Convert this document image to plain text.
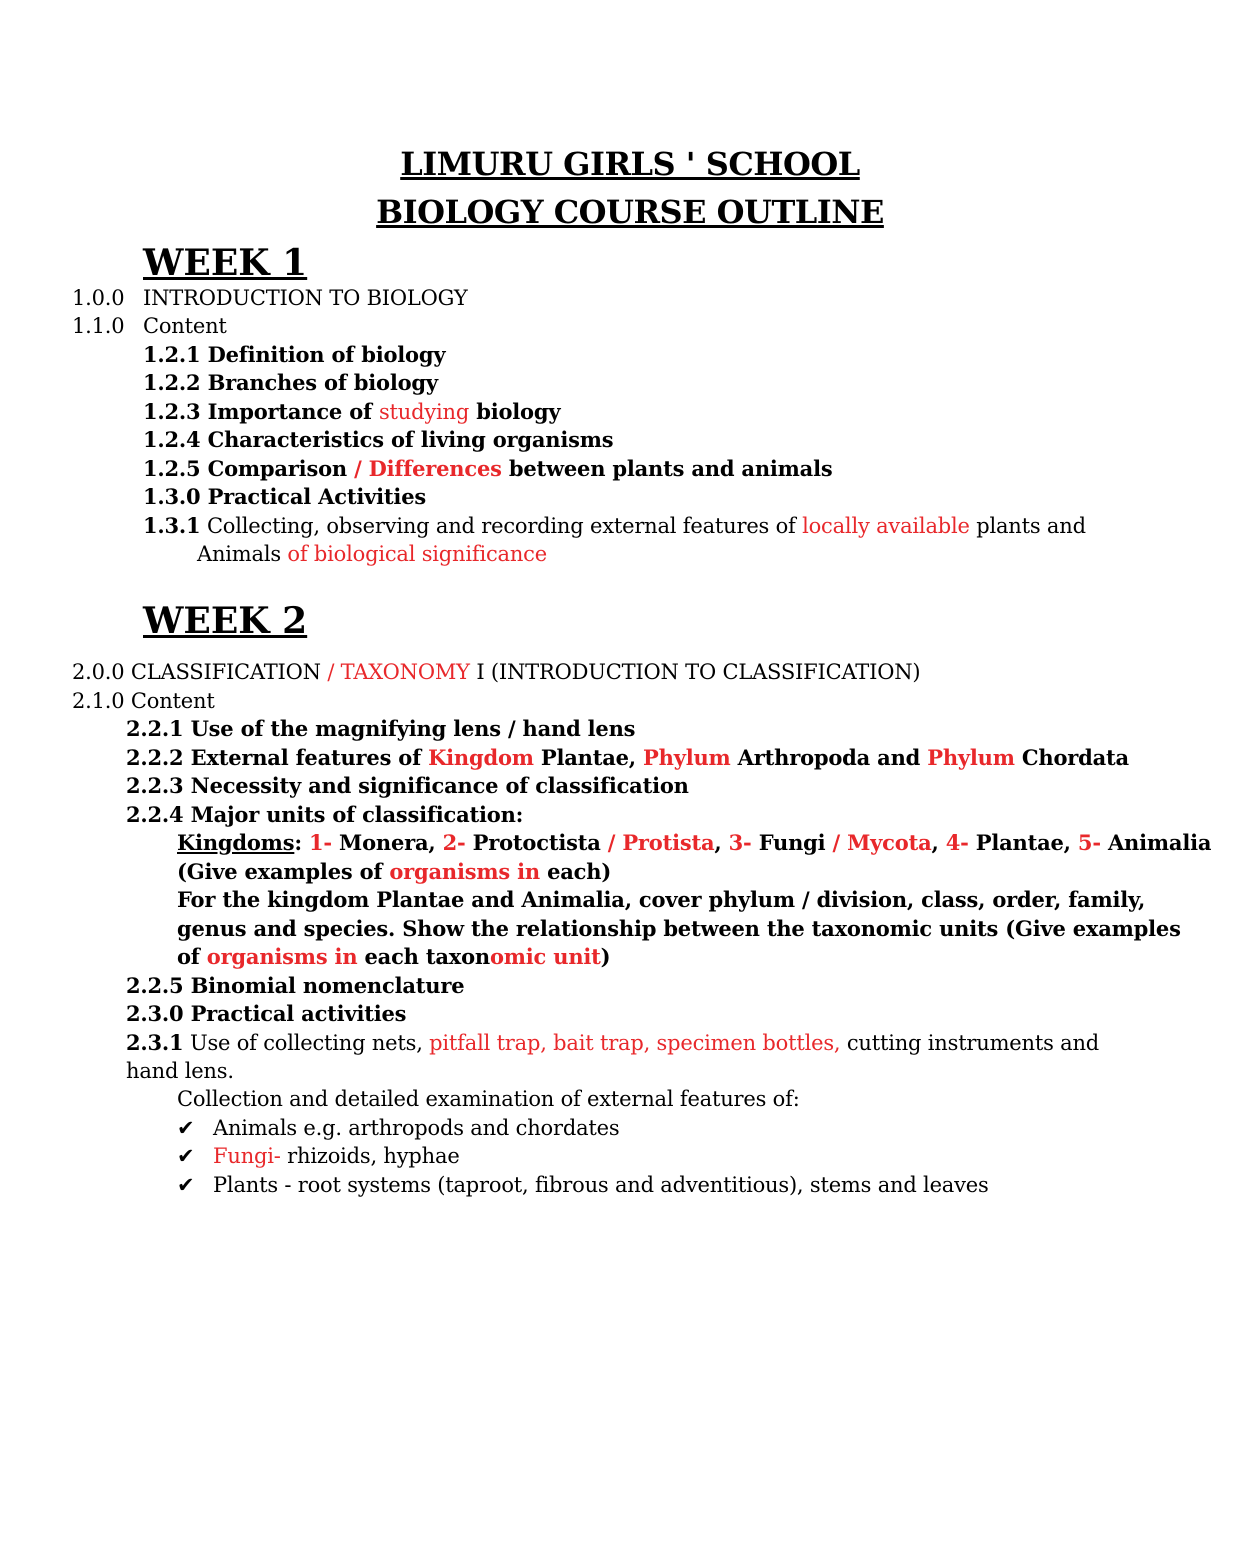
LIMURU GIRLS ' SCHOOL
BIOLOGY COURSE OUTLINE
WEEK 1
1.0.0 INTRODUCTION TO BIOLOGY
1.1.0 Content
1.2.1 Definition of biology
1.2.2 Branches of biology
1.2.3 Importance of studying biology
1.2.4 Characteristics of living organisms
1.2.5 Comparison / Differences between plants and animals
1.3.0 Practical Activities
1.3.1 Collecting, observing and recording external features of locally available plants and
Animals of biological significance
WEEK 2
2.0.0 CLASSIFICATION / TAXONOMY I (INTRODUCTION TO CLASSIFICATION)
2.1.0 Content
2.2.1 Use of the magnifying lens / hand lens
2.2.2 External features of Kingdom Plantae, Phylum Arthropoda and Phylum Chordata
2.2.3 Necessity and significance of classification
2.2.4 Major units of classification:
Kingdoms: 1- Monera, 2- Protoctista / Protista, 3- Fungi / Mycota, 4- Plantae, 5- Animalia
(Give examples of organisms in each)
For the kingdom Plantae and Animalia, cover phylum / division, class, order, family,
genus and species. Show the relationship between the taxonomic units (Give examples
of organisms in each taxonomic unit)
2.2.5 Binomial nomenclature
2.3.0 Practical activities
2.3.1 Use of collecting nets, pitfall trap, bait trap, specimen bottles, cutting instruments and
hand lens.
Collection and detailed examination of external features of:
✔ Animals e.g. arthropods and chordates
✔ Fungi- rhizoids, hyphae
✔ Plants - root systems (taproot, fibrous and adventitious), stems and leaves
